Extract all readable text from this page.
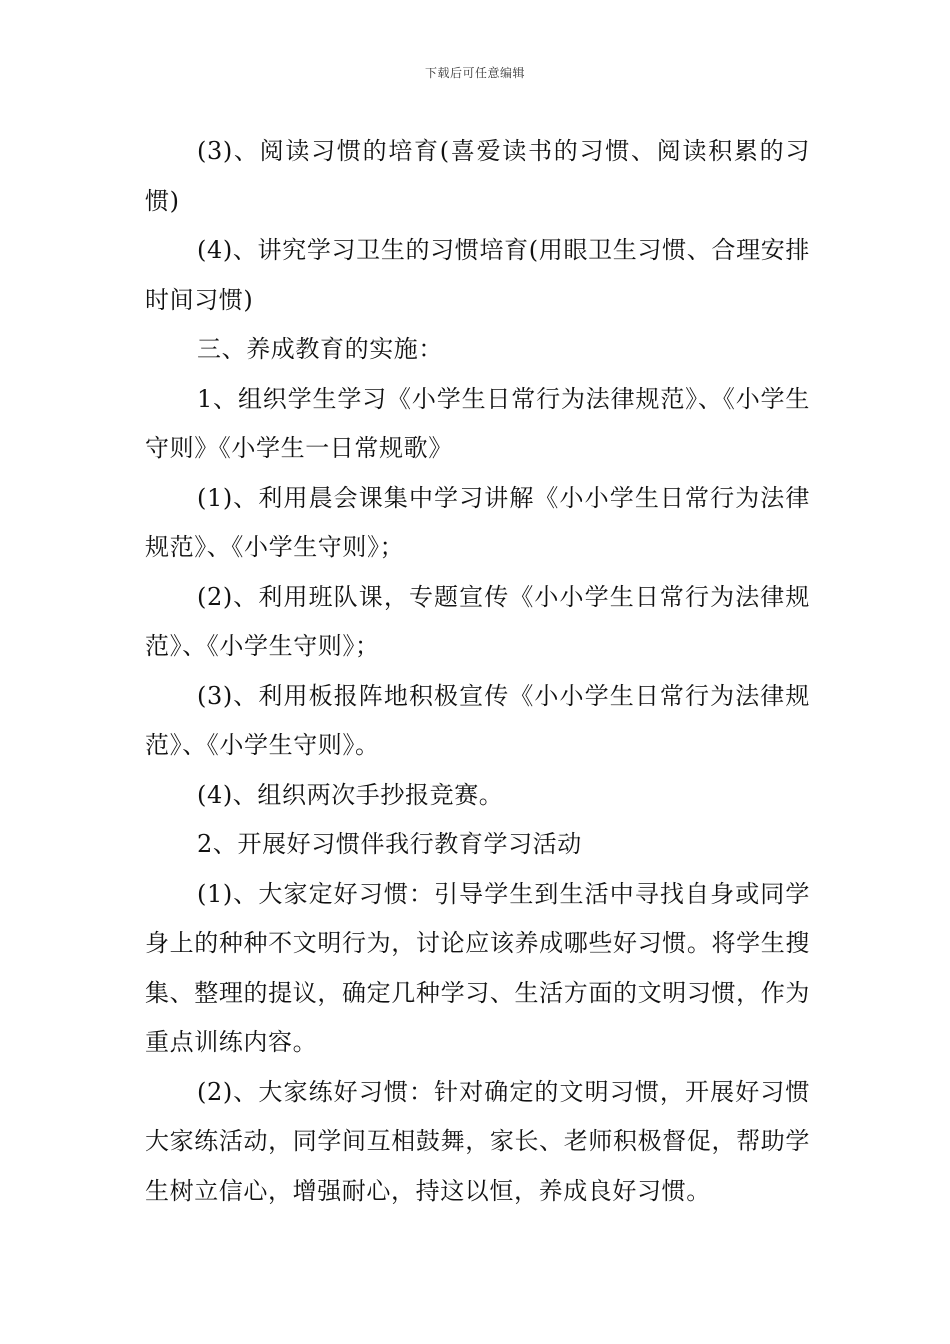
下载后可任意编辑

(3)、阅读习惯的培育(喜爱读书的习惯、阅读积累的习惯)

(4)、讲究学习卫生的习惯培育(用眼卫生习惯、合理安排时间习惯)

三、养成教育的实施：

1、组织学生学习《小学生日常行为法律规范》、《小学生守则》《小学生一日常规歌》

(1)、利用晨会课集中学习讲解《小小学生日常行为法律规范》、《小学生守则》；

(2)、利用班队课，专题宣传《小小学生日常行为法律规范》、《小学生守则》；

(3)、利用板报阵地积极宣传《小小学生日常行为法律规范》、《小学生守则》。

(4)、组织两次手抄报竞赛。

2、开展好习惯伴我行教育学习活动

(1)、大家定好习惯：引导学生到生活中寻找自身或同学身上的种种不文明行为，讨论应该养成哪些好习惯。将学生搜集、整理的提议，确定几种学习、生活方面的文明习惯，作为重点训练内容。

(2)、大家练好习惯：针对确定的文明习惯，开展好习惯大家练活动，同学间互相鼓舞，家长、老师积极督促，帮助学生树立信心，增强耐心，持这以恒，养成良好习惯。
